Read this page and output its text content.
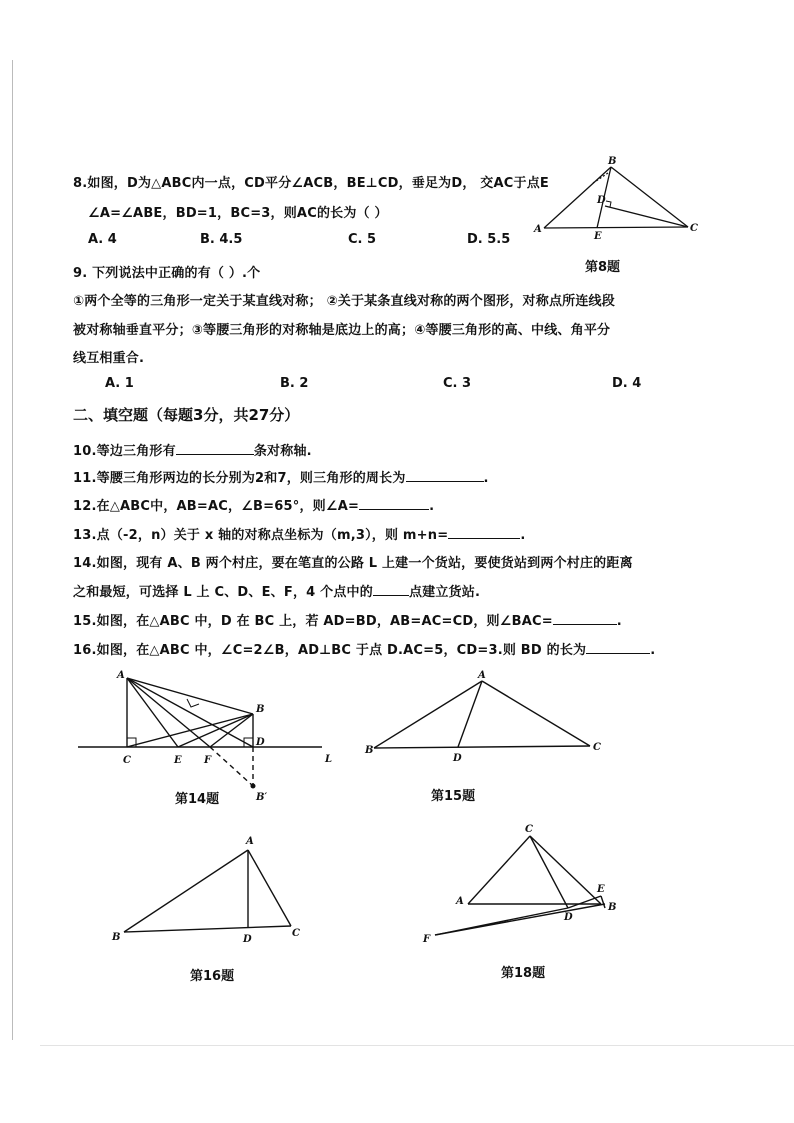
8.如图，D为△ABC内一点，CD平分∠ACB，BE⊥CD，垂足为D， 交AC于点E
∠A=∠ABE，BD=1，BC=3，则AC的长为（ ）
A. 4	B. 4.5	C. 5	D. 5.5
B
A	C
D
E
第8题
9. 下列说法中正确的有（ ）.个
①两个全等的三角形一定关于某直线对称； ②关于某条直线对称的两个图形，对称点所连线段
被对称轴垂直平分；③等腰三角形的对称轴是底边上的高；④等腰三角形的高、中线、角平分
线互相重合.
A. 1	B. 2	C. 3	D. 4
二、填空题（每题3分，共27分）
10.等边三角形有	条对称轴.
11.等腰三角形两边的长分别为2和7，则三角形的周长为	.
12.在△ABC中，AB=AC，∠B=65°，则∠A=	.
13.点（-2，n）关于 x 轴的对称点坐标为（m,3），则 m+n=	.
14.如图，现有 A、B 两个村庄，要在笔直的公路 L 上建一个货站，要使货站到两个村庄的距离
之和最短，可选择 L 上 C、D、E、F，4 个点中的	点建立货站.
15.如图，在△ABC 中，D 在 BC 上，若 AD=BD，AB=AC=CD，则∠BAC=	.
16.如图，在△ABC 中，∠C=2∠B，AD⊥BC 于点 D.AC=5，CD=3.则 BD 的长为	.
A
B
C	E F
D
L
B′
第14题
A
B	C
D
第15题
A
B	C
D
第16题
C
A
D
E
B
F
第18题
